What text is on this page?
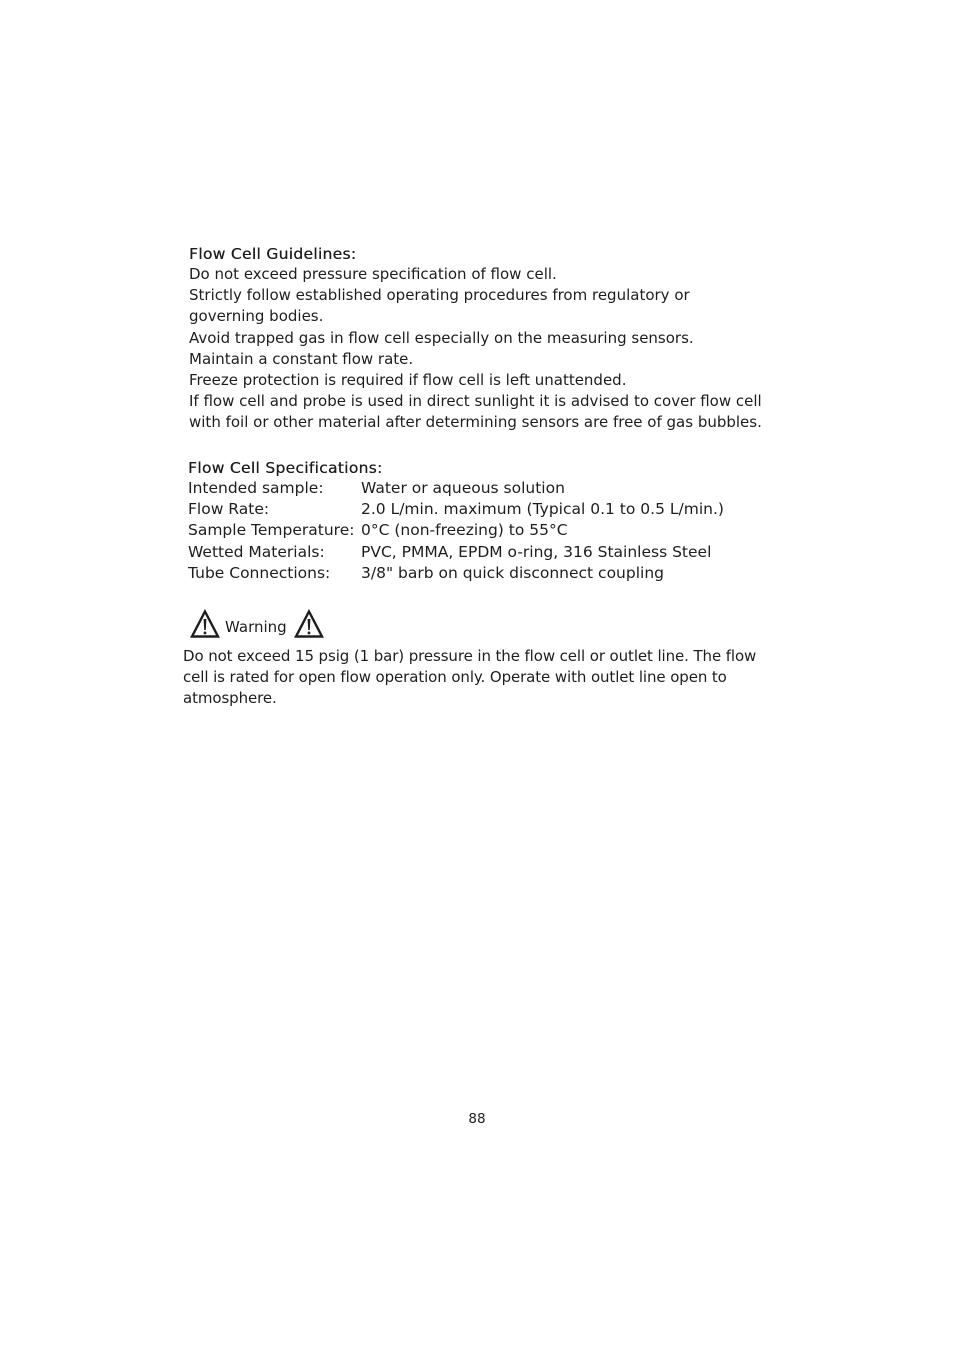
Flow Cell Guidelines:
Do not exceed pressure specification of flow cell.
Strictly follow established operating procedures from regulatory or governing bodies.
Avoid trapped gas in flow cell especially on the measuring sensors.
Maintain a constant flow rate.
Freeze protection is required if flow cell is left unattended.
If flow cell and probe is used in direct sunlight it is advised to cover flow cell with foil or other material after determining sensors are free of gas bubbles.
Flow Cell Specifications:
Intended sample:	Water or aqueous solution
Flow Rate:	2.0 L/min. maximum (Typical 0.1 to 0.5 L/min.)
Sample Temperature:	0°C (non-freezing) to 55°C
Wetted Materials:	PVC, PMMA, EPDM o-ring, 316 Stainless Steel
Tube Connections:	3/8" barb on quick disconnect coupling
Warning

Do not exceed 15 psig (1 bar) pressure in the flow cell or outlet line. The flow cell is rated for open flow operation only. Operate with outlet line open to atmosphere.

88
